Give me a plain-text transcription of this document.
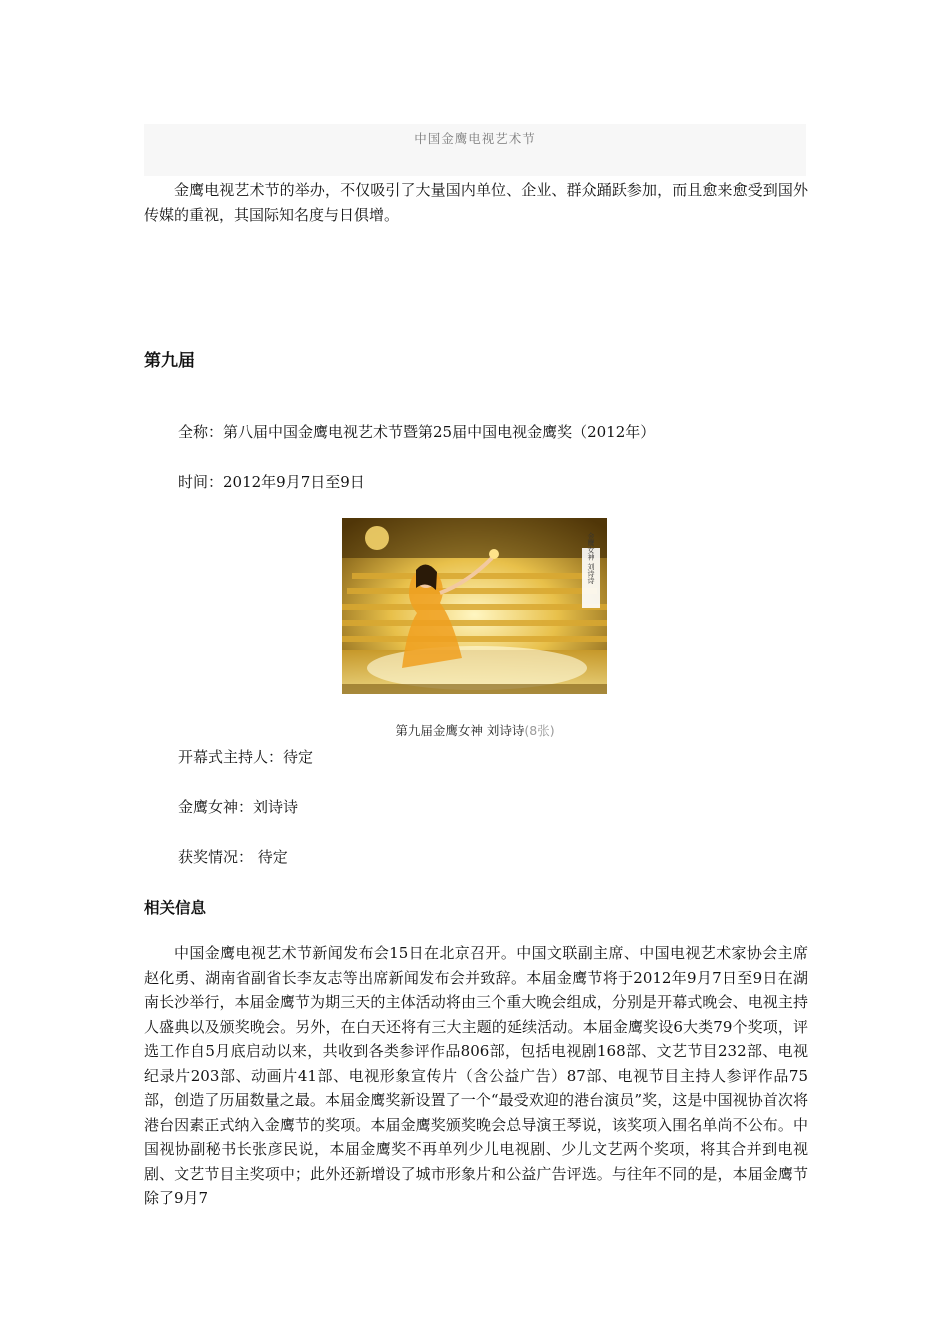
中国金鹰电视艺术节

金鹰电视艺术节的举办，不仅吸引了大量国内单位、企业、群众踊跃参加，而且愈来愈受到国外传媒的重视，其国际知名度与日俱增。

第九届

全称：第八届中国金鹰电视艺术节暨第25届中国电视金鹰奖（2012年）

时间：2012年9月7日至9日

金鹰女神 刘诗诗
第九届金鹰女神 刘诗诗(8张)

开幕式主持人：待定

金鹰女神：刘诗诗

获奖情况： 待定

相关信息

中国金鹰电视艺术节新闻发布会15日在北京召开。中国文联副主席、中国电视艺术家协会主席赵化勇、湖南省副省长李友志等出席新闻发布会并致辞。本届金鹰节将于2012年9月7日至9日在湖南长沙举行，本届金鹰节为期三天的主体活动将由三个重大晚会组成，分别是开幕式晚会、电视主持人盛典以及颁奖晚会。另外，在白天还将有三大主题的延续活动。本届金鹰奖设6大类79个奖项，评选工作自5月底启动以来，共收到各类参评作品806部，包括电视剧168部、文艺节目232部、电视纪录片203部、动画片41部、电视形象宣传片（含公益广告）87部、电视节目主持人参评作品75部，创造了历届数量之最。本届金鹰奖新设置了一个“最受欢迎的港台演员”奖，这是中国视协首次将港台因素正式纳入金鹰节的奖项。本届金鹰奖颁奖晚会总导演王琴说，该奖项入围名单尚不公布。中国视协副秘书长张彦民说，本届金鹰奖不再单列少儿电视剧、少儿文艺两个奖项，将其合并到电视剧、文艺节目主奖项中；此外还新增设了城市形象片和公益广告评选。与往年不同的是，本届金鹰节除了9月7
